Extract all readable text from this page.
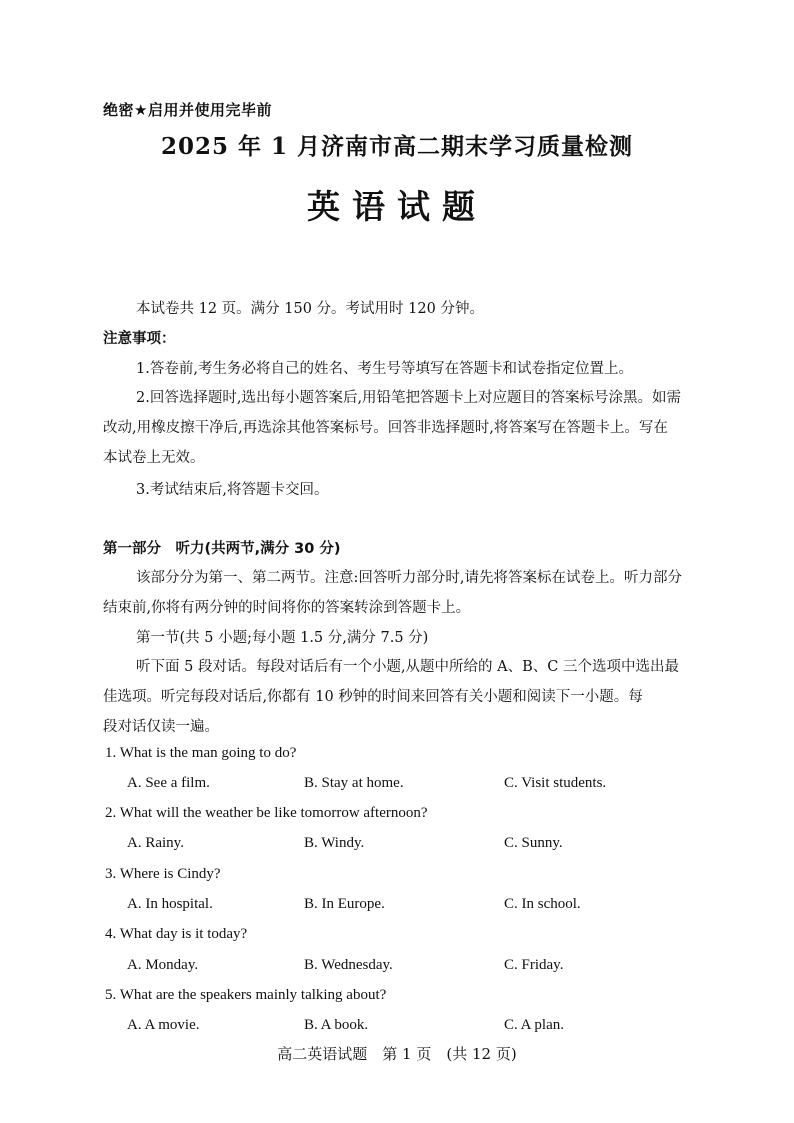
绝密★启用并使用完毕前
2025 年 1 月济南市高二期末学习质量检测
英语试题
本试卷共 12 页。满分 150 分。考试用时 120 分钟。
注意事项：
1.答卷前,考生务必将自己的姓名、考生号等填写在答题卡和试卷指定位置上。
2.回答选择题时,选出每小题答案后,用铅笔把答题卡上对应题目的答案标号涂黑。如需
改动,用橡皮擦干净后,再选涂其他答案标号。回答非选择题时,将答案写在答题卡上。写在
本试卷上无效。
3.考试结束后,将答题卡交回。
第一部分　听力(共两节,满分 30 分)
该部分分为第一、第二两节。注意:回答听力部分时,请先将答案标在试卷上。听力部分
结束前,你将有两分钟的时间将你的答案转涂到答题卡上。
第一节(共 5 小题;每小题 1.5 分,满分 7.5 分)
听下面 5 段对话。每段对话后有一个小题,从题中所给的 A、B、C 三个选项中选出最
佳选项。听完每段对话后,你都有 10 秒钟的时间来回答有关小题和阅读下一小题。每
段对话仅读一遍。
1. What is the man going to do?
A. See a film.	B. Stay at home.	C. Visit students.
2. What will the weather be like tomorrow afternoon?
A. Rainy.	B. Windy.	C. Sunny.
3. Where is Cindy?
A. In hospital.	B. In Europe.	C. In school.
4. What day is it today?
A. Monday.	B. Wednesday.	C. Friday.
5. What are the speakers mainly talking about?
A. A movie.	B. A book.	C. A plan.
高二英语试题　第 1 页　(共 12 页)
